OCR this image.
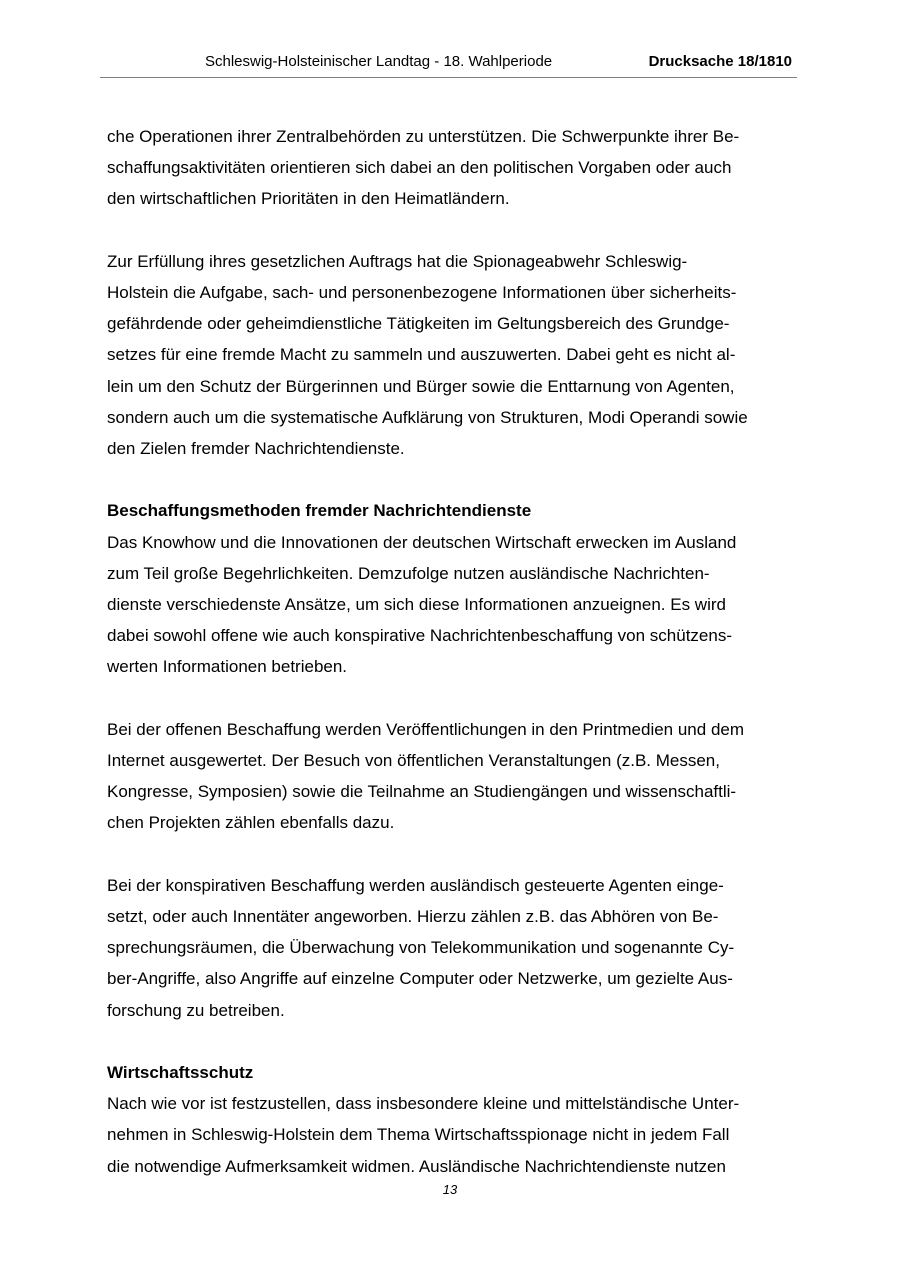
Schleswig-Holsteinischer Landtag - 18. Wahlperiode	Drucksache 18/1810

che Operationen ihrer Zentralbehörden zu unterstützen. Die Schwerpunkte ihrer Be-

schaffungsaktivitäten orientieren sich dabei an den politischen Vorgaben oder auch

den wirtschaftlichen Prioritäten in den Heimatländern.

Zur Erfüllung ihres gesetzlichen Auftrags hat die Spionageabwehr Schleswig-

Holstein die Aufgabe, sach- und personenbezogene Informationen über sicherheits-

gefährdende oder geheimdienstliche Tätigkeiten im Geltungsbereich des Grundge-

setzes für eine fremde Macht zu sammeln und auszuwerten. Dabei geht es nicht al-

lein um den Schutz der Bürgerinnen und Bürger sowie die Enttarnung von Agenten,

sondern auch um die systematische Aufklärung von Strukturen, Modi Operandi sowie

den Zielen fremder Nachrichtendienste.

Beschaffungsmethoden fremder Nachrichtendienste

Das Knowhow und die Innovationen der deutschen Wirtschaft erwecken im Ausland

zum Teil große Begehrlichkeiten. Demzufolge nutzen ausländische Nachrichten-

dienste verschiedenste Ansätze, um sich diese Informationen anzueignen. Es wird

dabei sowohl offene wie auch konspirative Nachrichtenbeschaffung von schützens-

werten Informationen betrieben.

Bei der offenen Beschaffung werden Veröffentlichungen in den Printmedien und dem

Internet ausgewertet. Der Besuch von öffentlichen Veranstaltungen (z.B. Messen,

Kongresse, Symposien) sowie die Teilnahme an Studiengängen und wissenschaftli-

chen Projekten zählen ebenfalls dazu.

Bei der konspirativen Beschaffung werden ausländisch gesteuerte Agenten einge-

setzt, oder auch Innentäter angeworben. Hierzu zählen z.B. das Abhören von Be-

sprechungsräumen, die Überwachung von Telekommunikation und sogenannte Cy-

ber-Angriffe, also Angriffe auf einzelne Computer oder Netzwerke, um gezielte Aus-

forschung zu betreiben.

Wirtschaftsschutz

Nach wie vor ist festzustellen, dass insbesondere kleine und mittelständische Unter-

nehmen in Schleswig-Holstein dem Thema Wirtschaftsspionage nicht in jedem Fall

die notwendige Aufmerksamkeit widmen. Ausländische Nachrichtendienste nutzen

13
